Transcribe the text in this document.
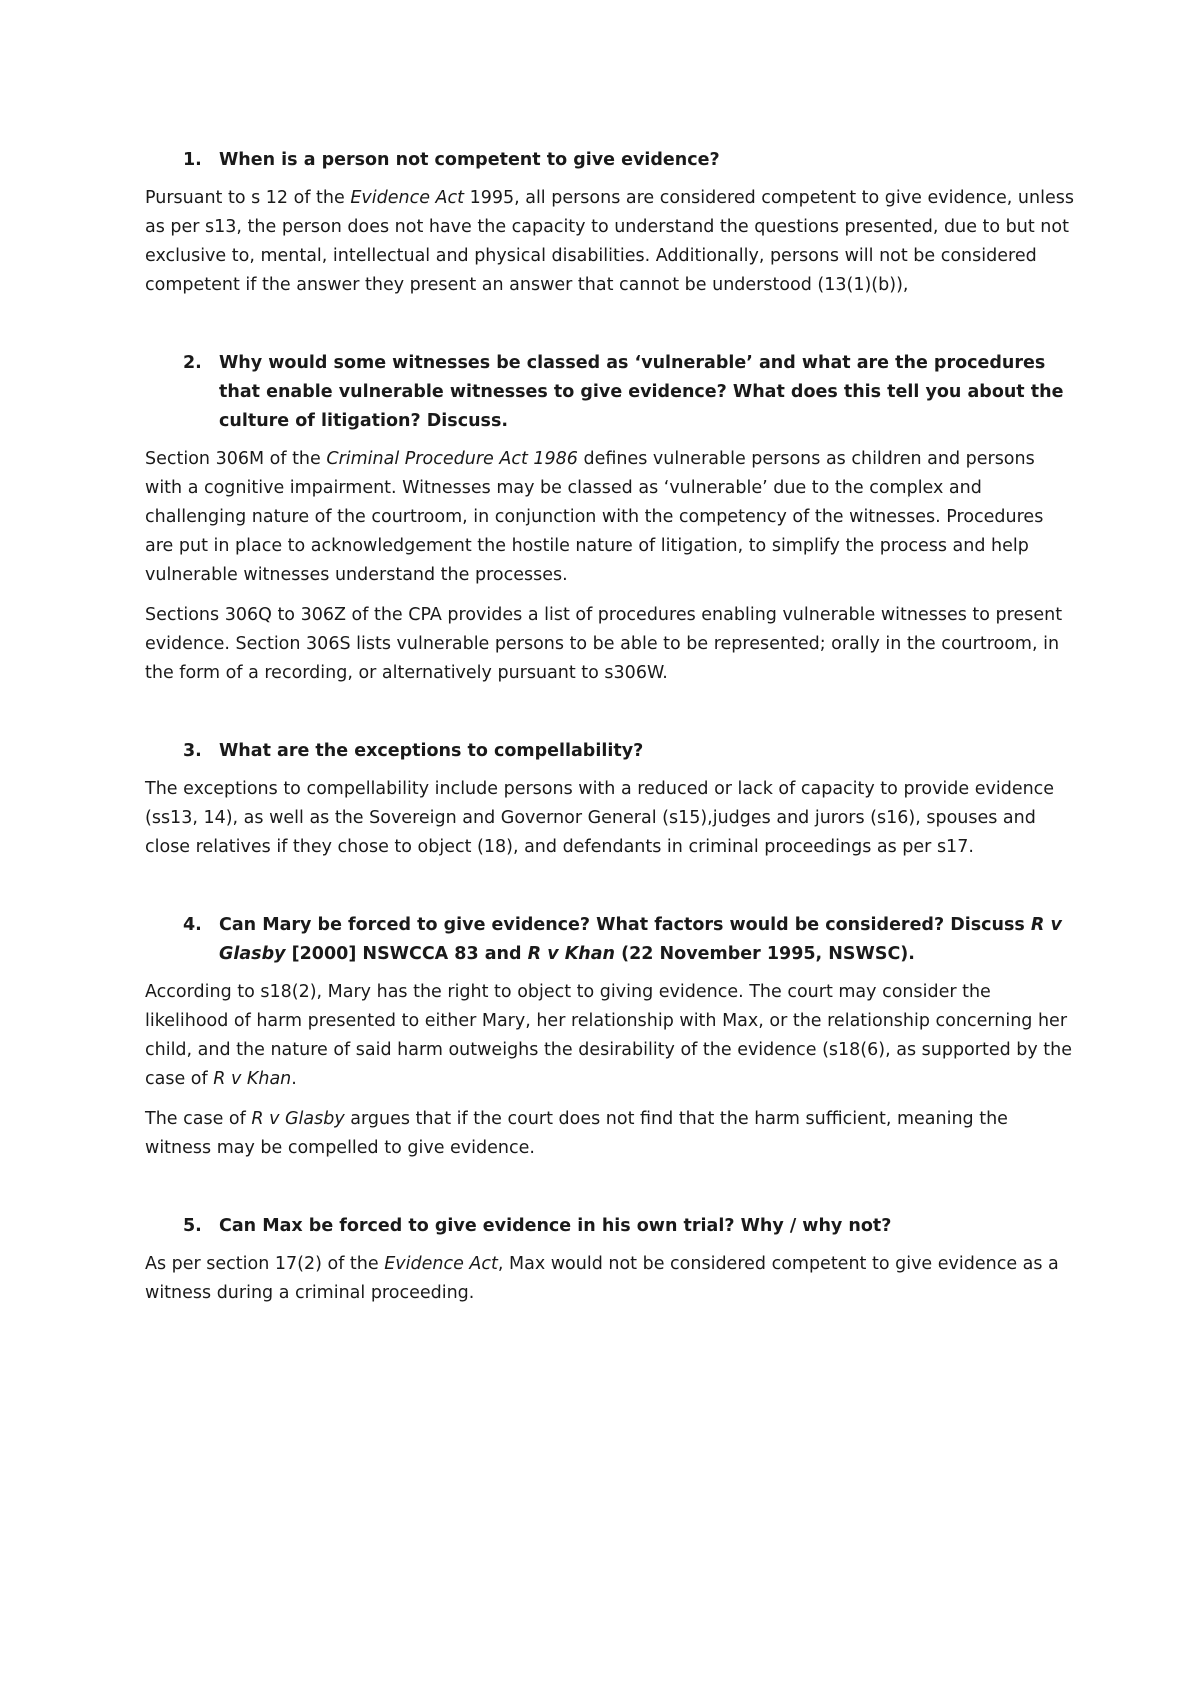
1. When is a person not competent to give evidence?

Pursuant to s 12 of the Evidence Act 1995, all persons are considered competent to give evidence, unless as per s13, the person does not have the capacity to understand the questions presented, due to but not exclusive to, mental, intellectual and physical disabilities. Additionally, persons will not be considered competent if the answer they present an answer that cannot be understood (13(1)(b)),

2. Why would some witnesses be classed as ‘vulnerable’ and what are the procedures that enable vulnerable witnesses to give evidence? What does this tell you about the culture of litigation? Discuss.

Section 306M of the Criminal Procedure Act 1986 defines vulnerable persons as children and persons with a cognitive impairment. Witnesses may be classed as ‘vulnerable’ due to the complex and challenging nature of the courtroom, in conjunction with the competency of the witnesses. Procedures are put in place to acknowledgement the hostile nature of litigation, to simplify the process and help vulnerable witnesses understand the processes.

Sections 306Q to 306Z of the CPA provides a list of procedures enabling vulnerable witnesses to present evidence. Section 306S lists vulnerable persons to be able to be represented; orally in the courtroom, in the form of a recording, or alternatively pursuant to s306W.

3. What are the exceptions to compellability?

The exceptions to compellability include persons with a reduced or lack of capacity to provide evidence (ss13, 14), as well as the Sovereign and Governor General (s15),judges and jurors (s16), spouses and close relatives if they chose to object (18), and defendants in criminal proceedings as per s17.

4. Can Mary be forced to give evidence? What factors would be considered? Discuss R v Glasby [2000] NSWCCA 83 and R v Khan (22 November 1995, NSWSC).

According to s18(2), Mary has the right to object to giving evidence. The court may consider the likelihood of harm presented to either Mary, her relationship with Max, or the relationship concerning her child, and the nature of said harm outweighs the desirability of the evidence (s18(6), as supported by the case of R v Khan.

The case of R v Glasby argues that if the court does not find that the harm sufficient, meaning the witness may be compelled to give evidence.

5. Can Max be forced to give evidence in his own trial? Why / why not?

As per section 17(2) of the Evidence Act, Max would not be considered competent to give evidence as a witness during a criminal proceeding.
